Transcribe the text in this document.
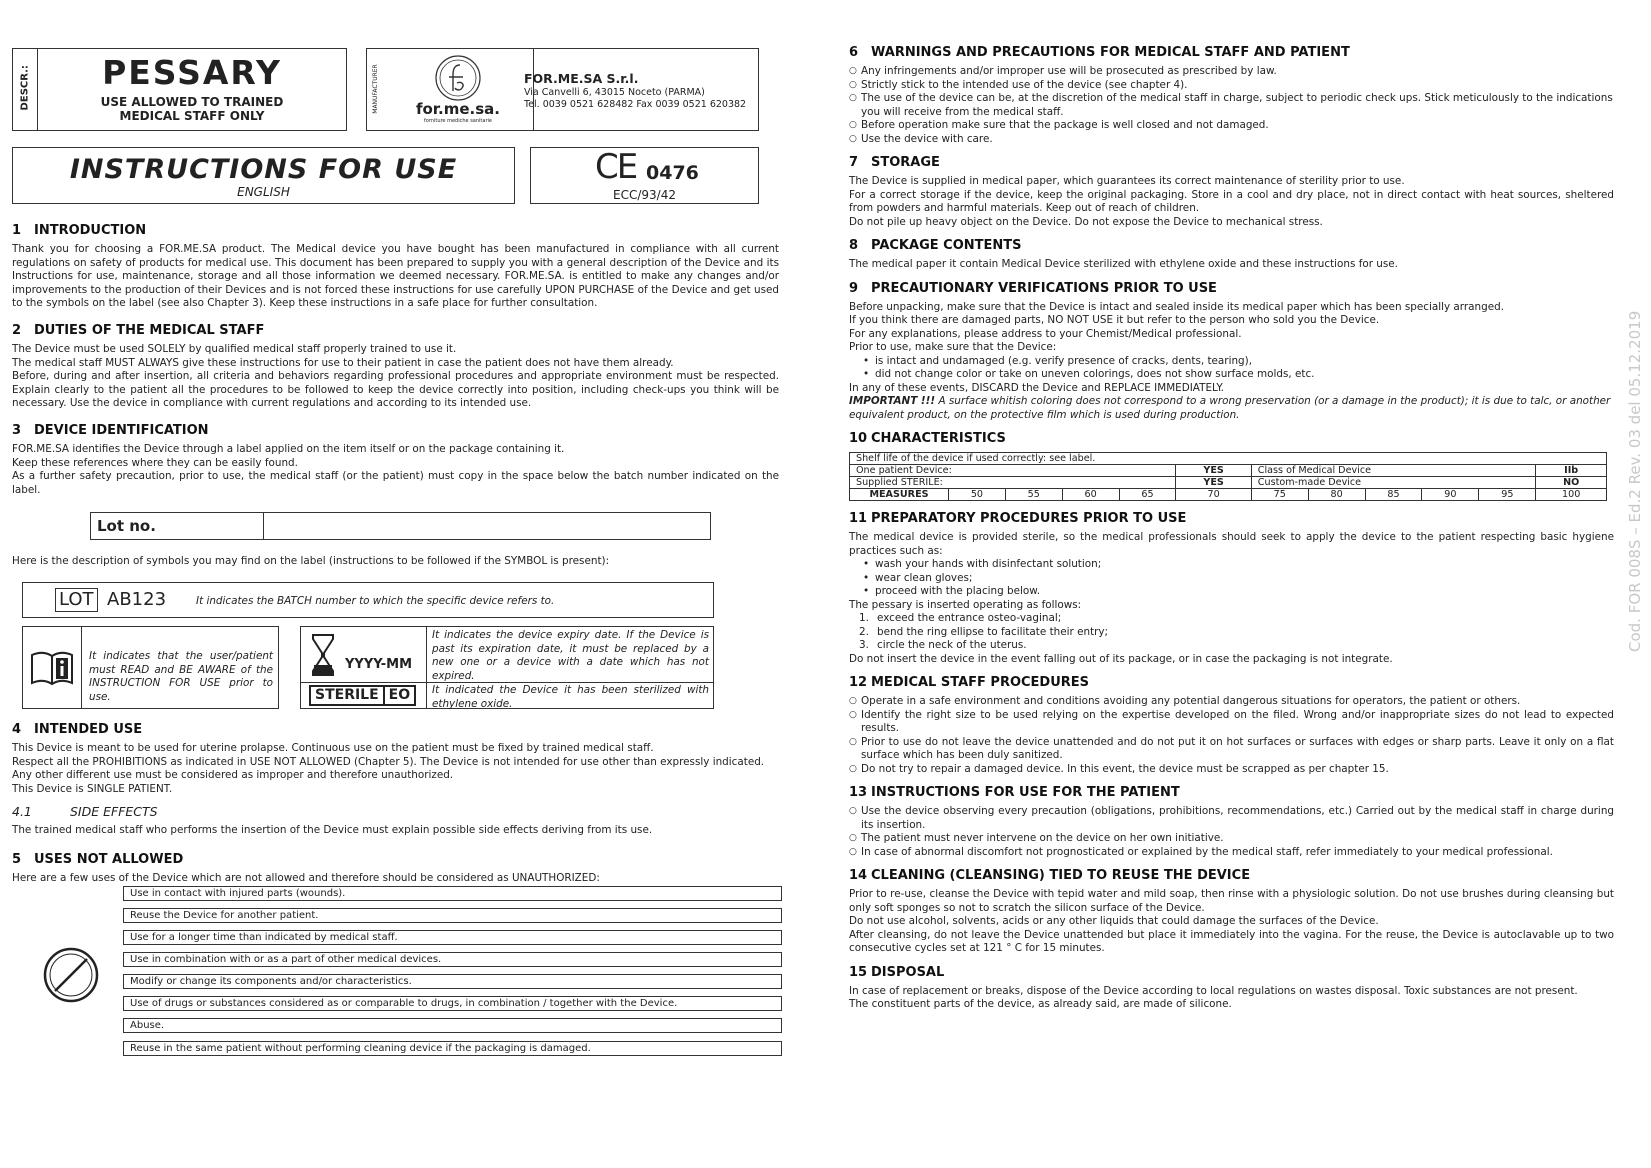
DESCR.:	PESSARY
USE ALLOWED TO TRAINED
MEDICAL STAFF ONLY
MANUFACTURER	for.me.sa.
forniture mediche sanitarie
FOR.ME.SA S.r.l.
Via Canvelli 6, 43015 Noceto (PARMA)
Tel. 0039 0521 628482 Fax 0039 0521 620382
INSTRUCTIONS FOR USE
ENGLISH
CE 0476
ECC/93/42
1 INTRODUCTION

Thank you for choosing a FOR.ME.SA product. The Medical device you have bought has been manufactured in compliance with all current regulations on safety of products for medical use. This document has been prepared to supply you with a general description of the Device and its Instructions for use, maintenance, storage and all those information we deemed necessary. FOR.ME.SA. is entitled to make any changes and/or improvements to the production of their Devices and is not forced these instructions for use carefully UPON PURCHASE of the Device and get used to the symbols on the label (see also Chapter 3). Keep these instructions in a safe place for further consultation.

2 DUTIES OF THE MEDICAL STAFF

The Device must be used SOLELY by qualified medical staff properly trained to use it.

The medical staff MUST ALWAYS give these instructions for use to their patient in case the patient does not have them already.

Before, during and after insertion, all criteria and behaviors regarding professional procedures and appropriate environment must be respected. Explain clearly to the patient all the procedures to be followed to keep the device correctly into position, including check-ups you think will be necessary. Use the device in compliance with current regulations and according to its intended use.

3 DEVICE IDENTIFICATION

FOR.ME.SA identifies the Device through a label applied on the item itself or on the package containing it.

Keep these references where they can be easily found.

As a further safety precaution, prior to use, the medical staff (or the patient) must copy in the space below the batch number indicated on the label.

Lot no.
Here is the description of symbols you may find on the label (instructions to be followed if the SYMBOL is present):
LOT AB123	It indicates the BATCH number to which the specific device refers to.
It indicates that the user/patient must READ and BE AWARE of the INSTRUCTION FOR USE prior to use.
YYYY-MM
It indicates the device expiry date. If the Device is past its expiration date, it must be replaced by a new one or a device with a date which has not expired.
STERILE EO	It indicated the Device it has been sterilized with ethylene oxide.
4 INTENDED USE

This Device is meant to be used for uterine prolapse. Continuous use on the patient must be fixed by trained medical staff.

Respect all the PROHIBITIONS as indicated in USE NOT ALLOWED (Chapter 5). The Device is not intended for use other than expressly indicated.

Any other different use must be considered as improper and therefore unauthorized.

This Device is SINGLE PATIENT.

4.1	SIDE EFFECTS

The trained medical staff who performs the insertion of the Device must explain possible side effects deriving from its use.

5 USES NOT ALLOWED

Here are a few uses of the Device which are not allowed and therefore should be considered as UNAUTHORIZED:

Use in contact with injured parts (wounds).
Reuse the Device for another patient.
Use for a longer time than indicated by medical staff.
Use in combination with or as a part of other medical devices.
Modify or change its components and/or characteristics.
Use of drugs or substances considered as or comparable to drugs, in combination / together with the Device.
Abuse.
Reuse in the same patient without performing cleaning device if the packaging is damaged.
6 WARNINGS AND PRECAUTIONS FOR MEDICAL STAFF AND PATIENT
○ Any infringements and/or improper use will be prosecuted as prescribed by law.
○ Strictly stick to the intended use of the device (see chapter 4).
○ The use of the device can be, at the discretion of the medical staff in charge, subject to periodic check ups. Stick meticulously to the indications you will receive from the medical staff.
○ Before operation make sure that the package is well closed and not damaged.
○ Use the device with care.
7 STORAGE

The Device is supplied in medical paper, which guarantees its correct maintenance of sterility prior to use.

For a correct storage if the device, keep the original packaging. Store in a cool and dry place, not in direct contact with heat sources, sheltered from powders and harmful materials. Keep out of reach of children.

Do not pile up heavy object on the Device. Do not expose the Device to mechanical stress.

8 PACKAGE CONTENTS

The medical paper it contain Medical Device sterilized with ethylene oxide and these instructions for use.

9 PRECAUTIONARY VERIFICATIONS PRIOR TO USE

Before unpacking, make sure that the Device is intact and sealed inside its medical paper which has been specially arranged.

If you think there are damaged parts, NO NOT USE it but refer to the person who sold you the Device.

For any explanations, please address to your Chemist/Medical professional.

Prior to use, make sure that the Device:

• is intact and undamaged (e.g. verify presence of cracks, dents, tearing),
• did not change color or take on uneven colorings, does not show surface molds, etc.

In any of these events, DISCARD the Device and REPLACE IMMEDIATELY.

IMPORTANT !!! A surface whitish coloring does not correspond to a wrong preservation (or a damage in the product); it is due to talc, or another equivalent product, on the protective film which is used during production.

10 CHARACTERISTICS
Shelf life of the device if used correctly: see label.											
One patient Device:					YES	Class of Medical Device					IIb
Supplied STERILE:					YES	Custom-made Device					NO
MEASURES	50	55	60	65	70	75	80	85	90	95	100
11 PREPARATORY PROCEDURES PRIOR TO USE

The medical device is provided sterile, so the medical professionals should seek to apply the device to the patient respecting basic hygiene practices such as:

• wash your hands with disinfectant solution;
• wear clean gloves;
• proceed with the placing below.

The pessary is inserted operating as follows:

1. exceed the entrance osteo-vaginal;
2. bend the ring ellipse to facilitate their entry;
3. circle the neck of the uterus.

Do not insert the device in the event falling out of its package, or in case the packaging is not integrate.

12 MEDICAL STAFF PROCEDURES
○ Operate in a safe environment and conditions avoiding any potential dangerous situations for operators, the patient or others.
○ Identify the right size to be used relying on the expertise developed on the filed. Wrong and/or inappropriate sizes do not lead to expected results.
○ Prior to use do not leave the device unattended and do not put it on hot surfaces or surfaces with edges or sharp parts. Leave it only on a flat surface which has been duly sanitized.
○ Do not try to repair a damaged device. In this event, the device must be scrapped as per chapter 15.
13 INSTRUCTIONS FOR USE FOR THE PATIENT
○ Use the device observing every precaution (obligations, prohibitions, recommendations, etc.) Carried out by the medical staff in charge during its insertion.
○ The patient must never intervene on the device on her own initiative.
○ In case of abnormal discomfort not prognosticated or explained by the medical staff, refer immediately to your medical professional.
14 CLEANING (CLEANSING) TIED TO REUSE THE DEVICE

Prior to re-use, cleanse the Device with tepid water and mild soap, then rinse with a physiologic solution. Do not use brushes during cleansing but only soft sponges so not to scratch the silicon surface of the Device.

Do not use alcohol, solvents, acids or any other liquids that could damage the surfaces of the Device.

After cleansing, do not leave the Device unattended but place it immediately into the vagina. For the reuse, the Device is autoclavable up to two consecutive cycles set at 121 ° C for 15 minutes.

15 DISPOSAL

In case of replacement or breaks, dispose of the Device according to local regulations on wastes disposal. Toxic substances are not present.

The constituent parts of the device, as already said, are made of silicone.

Cod. FOR 008S – Ed.2 Rev. 03 del 05.12.2019
